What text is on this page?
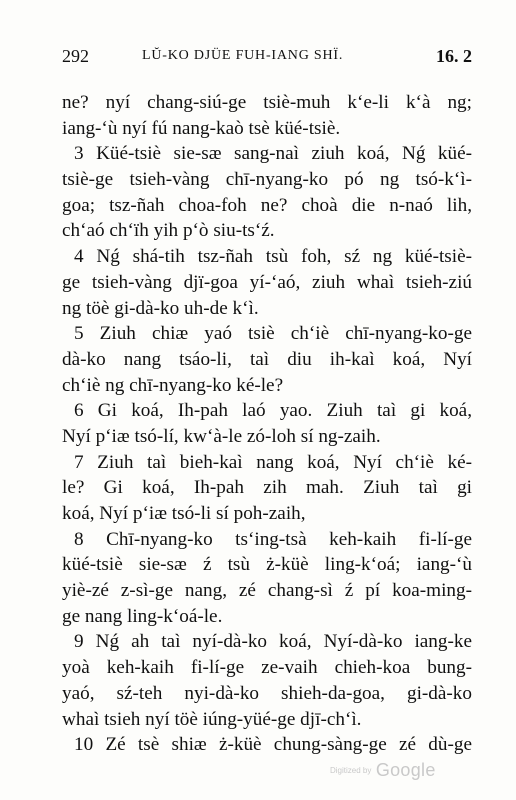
292	LŬ-KO DJÜE FUH-IANG SHÏ.	16. 2
ne? nyí chang-siú-ge tsiè-muh k‘e-li k‘à ng;
iang-‘ù nyí fú nang-kaò tsè küé-tsiè.
3 Küé-tsiè sie-sæ sang-naì ziuh koá, Nǵ küé-
tsiè-ge tsieh-vàng chī-nyang-ko pó ng tsó-k‘ì-
goa; tsz-ñah choa-foh ne? choà die n-naó lih,
ch‘aó ch‘ïh yih p‘ò siu-ts‘ź.
4 Nǵ shá-tih tsz-ñah tsù foh, sź ng küé-tsiè-
ge tsieh-vàng djï-goa yí-‘aó, ziuh whaì tsieh-ziú
ng töè gi-dà-ko uh-de k‘ì.
5 Ziuh chiæ yaó tsiè ch‘iè chī-nyang-ko-ge
dà-ko nang tsáo-li, taì diu ih-kaì koá, Nyí
ch‘iè ng chī-nyang-ko ké-le?
6 Gi koá, Ih-pah laó yao. Ziuh taì gi koá,
Nyí p‘iæ tsó-lí, kw‘à-le zó-loh sí ng-zaih.
7 Ziuh taì bieh-kaì nang koá, Nyí ch‘iè ké-
le? Gi koá, Ih-pah zih mah. Ziuh taì gi
koá, Nyí p‘iæ tsó-li sí poh-zaih,
8 Chī-nyang-ko ts‘ing-tsà keh-kaih fi-lí-ge
küé-tsiè sie-sæ ź tsù ż-küè ling-k‘oá; iang-‘ù
yiè-zé z-sì-ge nang, zé chang-sì ź pí koa-ming-
ge nang ling-k‘oá-le.
9 Nǵ ah taì nyí-dà-ko koá, Nyí-dà-ko iang-ke
yoà keh-kaih fi-lí-ge ze-vaih chieh-koa bung-
yaó, sź-teh nyi-dà-ko shieh-da-goa, gi-dà-ko
whaì tsieh nyí töè iúng-yüé-ge djī-ch‘ì.
10 Zé tsè shiæ ż-küè chung-sàng-ge zé dù-ge
Digitized by Google
